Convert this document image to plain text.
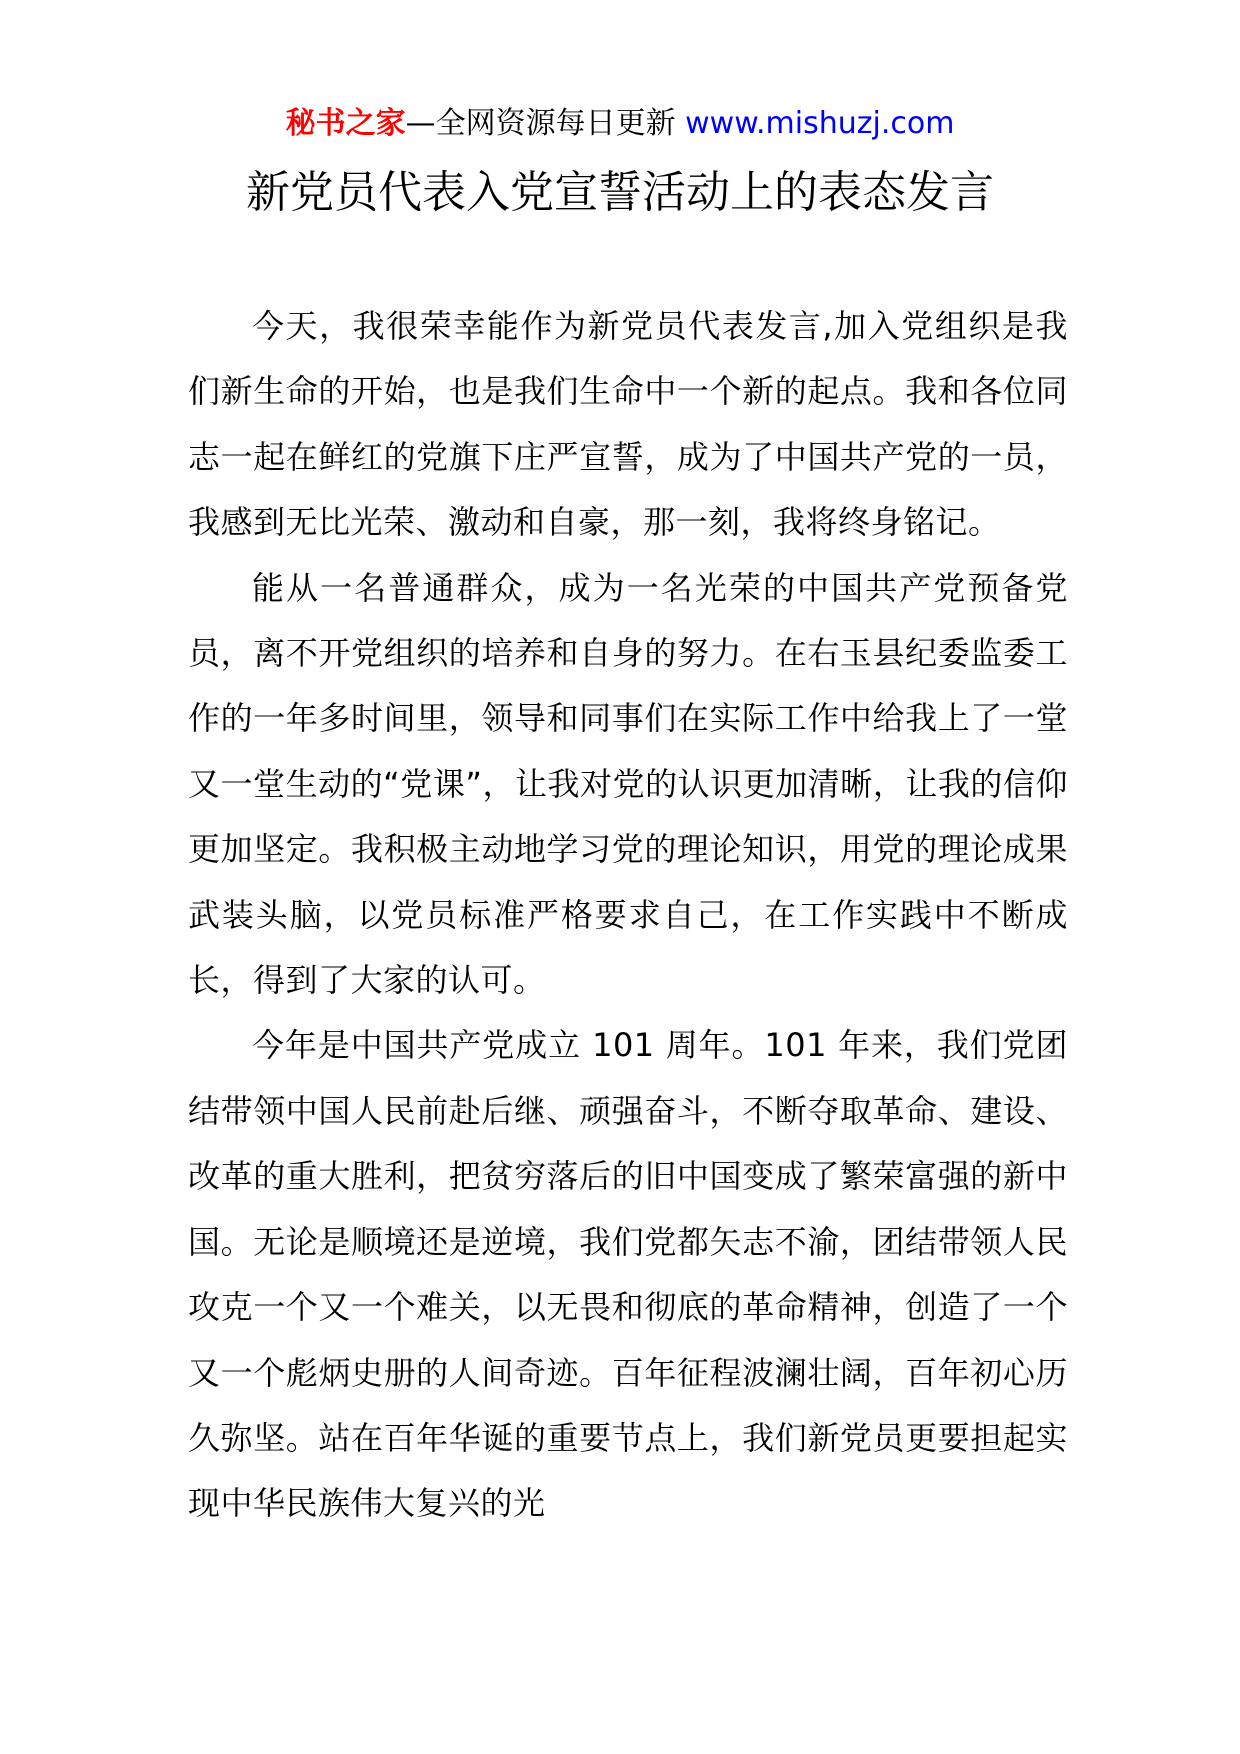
秘书之家—全网资源每日更新 www.mishuzj.com
新党员代表入党宣誓活动上的表态发言

今天，我很荣幸能作为新党员代表发言,加入党组织是我们新生命的开始，也是我们生命中一个新的起点。我和各位同志一起在鲜红的党旗下庄严宣誓，成为了中国共产党的一员，我感到无比光荣、激动和自豪，那一刻，我将终身铭记。

能从一名普通群众，成为一名光荣的中国共产党预备党员，离不开党组织的培养和自身的努力。在右玉县纪委监委工作的一年多时间里，领导和同事们在实际工作中给我上了一堂又一堂生动的“党课”，让我对党的认识更加清晰，让我的信仰更加坚定。我积极主动地学习党的理论知识，用党的理论成果武装头脑，以党员标准严格要求自己，在工作实践中不断成长，得到了大家的认可。

今年是中国共产党成立 101 周年。101 年来，我们党团结带领中国人民前赴后继、顽强奋斗，不断夺取革命、建设、改革的重大胜利，把贫穷落后的旧中国变成了繁荣富强的新中国。无论是顺境还是逆境，我们党都矢志不渝，团结带领人民攻克一个又一个难关，以无畏和彻底的革命精神，创造了一个又一个彪炳史册的人间奇迹。百年征程波澜壮阔，百年初心历久弥坚。站在百年华诞的重要节点上，我们新党员更要担起实现中华民族伟大复兴的光
